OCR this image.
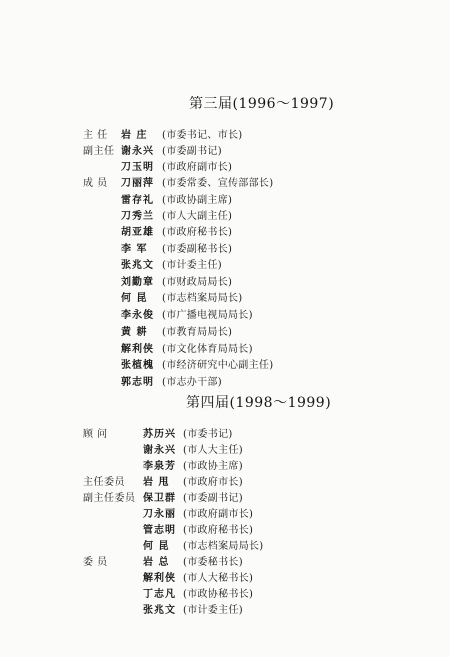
第三届(1996～1997)
主 任 岩 庄 (市委书记、市长)
副主任 谢永兴 (市委副书记)
刀玉明 (市政府副市长)
成 员 刀丽萍 (市委常委、宣传部部长)
雷存礼 (市政协副主席)
刀秀兰 (市人大副主任)
胡亚雄 (市政府秘书长)
李 军 (市委副秘书长)
张兆文 (市计委主任)
刘勤章 (市财政局局长)
何 昆 (市志档案局局长)
李永俊 (市广播电视局局长)
黄 耕 (市教育局局长)
解利侠 (市文化体育局局长)
张植槐 (市经济研究中心副主任)
郭志明 (市志办干部)
第四届(1998～1999)
顾 问	苏历兴 (市委书记)
谢永兴 (市人大主任)
李泉芳 (市政协主席)
主任委员 岩 甩 (市政府市长)
副主任委员 保卫群 (市委副书记)
刀永丽 (市政府副市长)
管志明 (市政府秘书长)
何 昆 (市志档案局局长)
委 员	岩 总 (市委秘书长)
解利侠 (市人大秘书长)
丁志凡 (市政协秘书长)
张兆文 (市计委主任)
